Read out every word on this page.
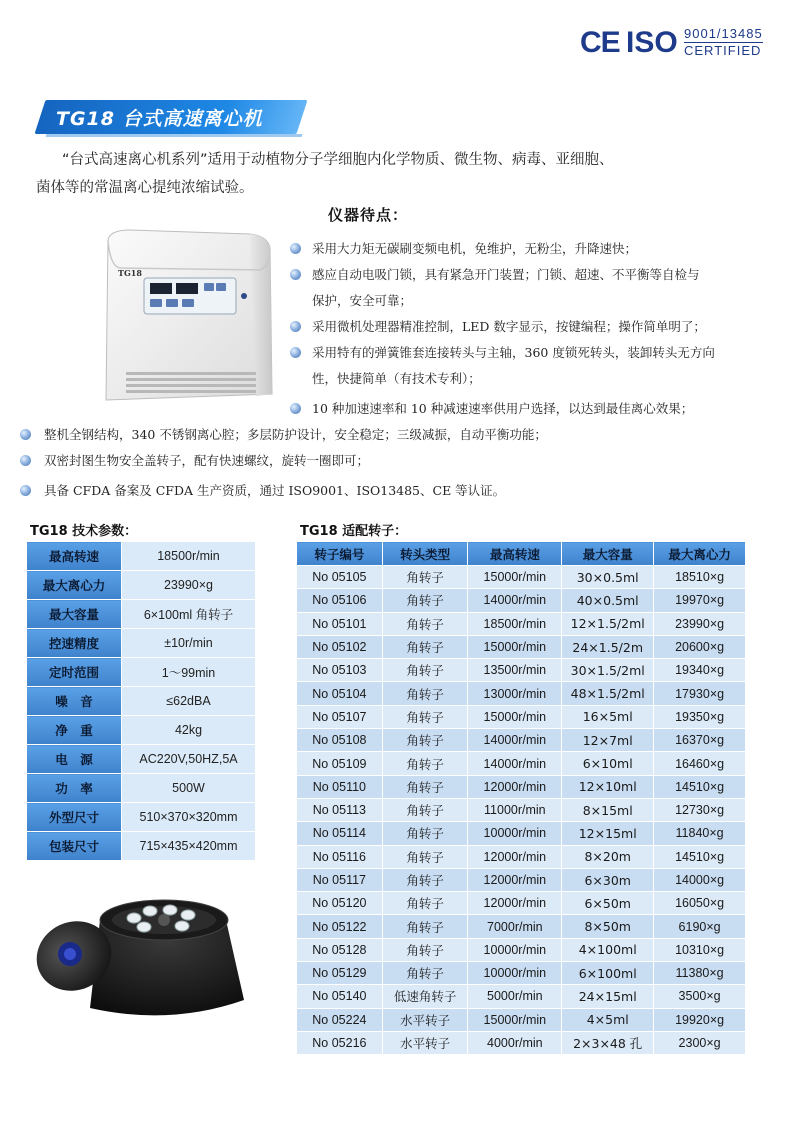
CE ISO 9001/13485
CERTIFIED
TG18 台式高速离心机

“台式高速离心机系列”适用于动植物分子学细胞内化学物质、微生物、病毒、亚细胞、

菌体等的常温离心提纯浓缩试验。
仪器待点：
TG18
采用大力矩无碳刷变频电机，免维护，无粉尘，升降速快；
感应自动电吸门锁，具有紧急开门装置；门锁、超速、不平衡等自检与
保护，安全可靠；
采用微机处理器精准控制，LED 数字显示，按键编程；操作简单明了；
采用特有的弹簧锥套连接转头与主轴，360 度锁死转头，装卸转头无方向
性，快捷简单（有技术专利）；
10 种加速速率和 10 种减速速率供用户选择，以达到最佳离心效果；
整机全钢结构，340 不锈钢离心腔；多层防护设计，安全稳定；三级减振，自动平衡功能；
双密封图生物安全盖转子，配有快速螺纹，旋转一圈即可；
具备 CFDA 备案及 CFDA 生产资质，通过 ISO9001、ISO13485、CE 等认证。
TG18 技术参数：
最高转速	18500r/min
最大离心力	23990×g
最大容量	6×100ml 角转子
控速精度	±10r/min
定时范围	1～99min
噪　音	≤62dBA
净　重	42kg
电　源	AC220V,50HZ,5A
功　率	500W
外型尺寸	510×370×320mm
包装尺寸	715×435×420mm
TG18 适配转子：
转子编号	转头类型	最高转速	最大容量	最大离心力
No 05105	角转子	15000r/min	30×0.5ml	18510×g
No 05106	角转子	14000r/min	40×0.5ml	19970×g
No 05101	角转子	18500r/min	12×1.5/2ml	23990×g
No 05102	角转子	15000r/min	24×1.5/2m	20600×g
No 05103	角转子	13500r/min	30×1.5/2ml	19340×g
No 05104	角转子	13000r/min	48×1.5/2ml	17930×g
No 05107	角转子	15000r/min	16×5ml	19350×g
No 05108	角转子	14000r/min	12×7ml	16370×g
No 05109	角转子	14000r/min	6×10ml	16460×g
No 05110	角转子	12000r/min	12×10ml	14510×g
No 05113	角转子	11000r/min	8×15ml	12730×g
No 05114	角转子	10000r/min	12×15ml	11840×g
No 05116	角转子	12000r/min	8×20m	14510×g
No 05117	角转子	12000r/min	6×30m	14000×g
No 05120	角转子	12000r/min	6×50m	16050×g
No 05122	角转子	7000r/min	8×50m	6190×g
No 05128	角转子	10000r/min	4×100ml	10310×g
No 05129	角转子	10000r/min	6×100ml	11380×g
No 05140	低速角转子	5000r/min	24×15ml	3500×g
No 05224	水平转子	15000r/min	4×5ml	19920×g
No 05216	水平转子	4000r/min	2×3×48 孔	2300×g
